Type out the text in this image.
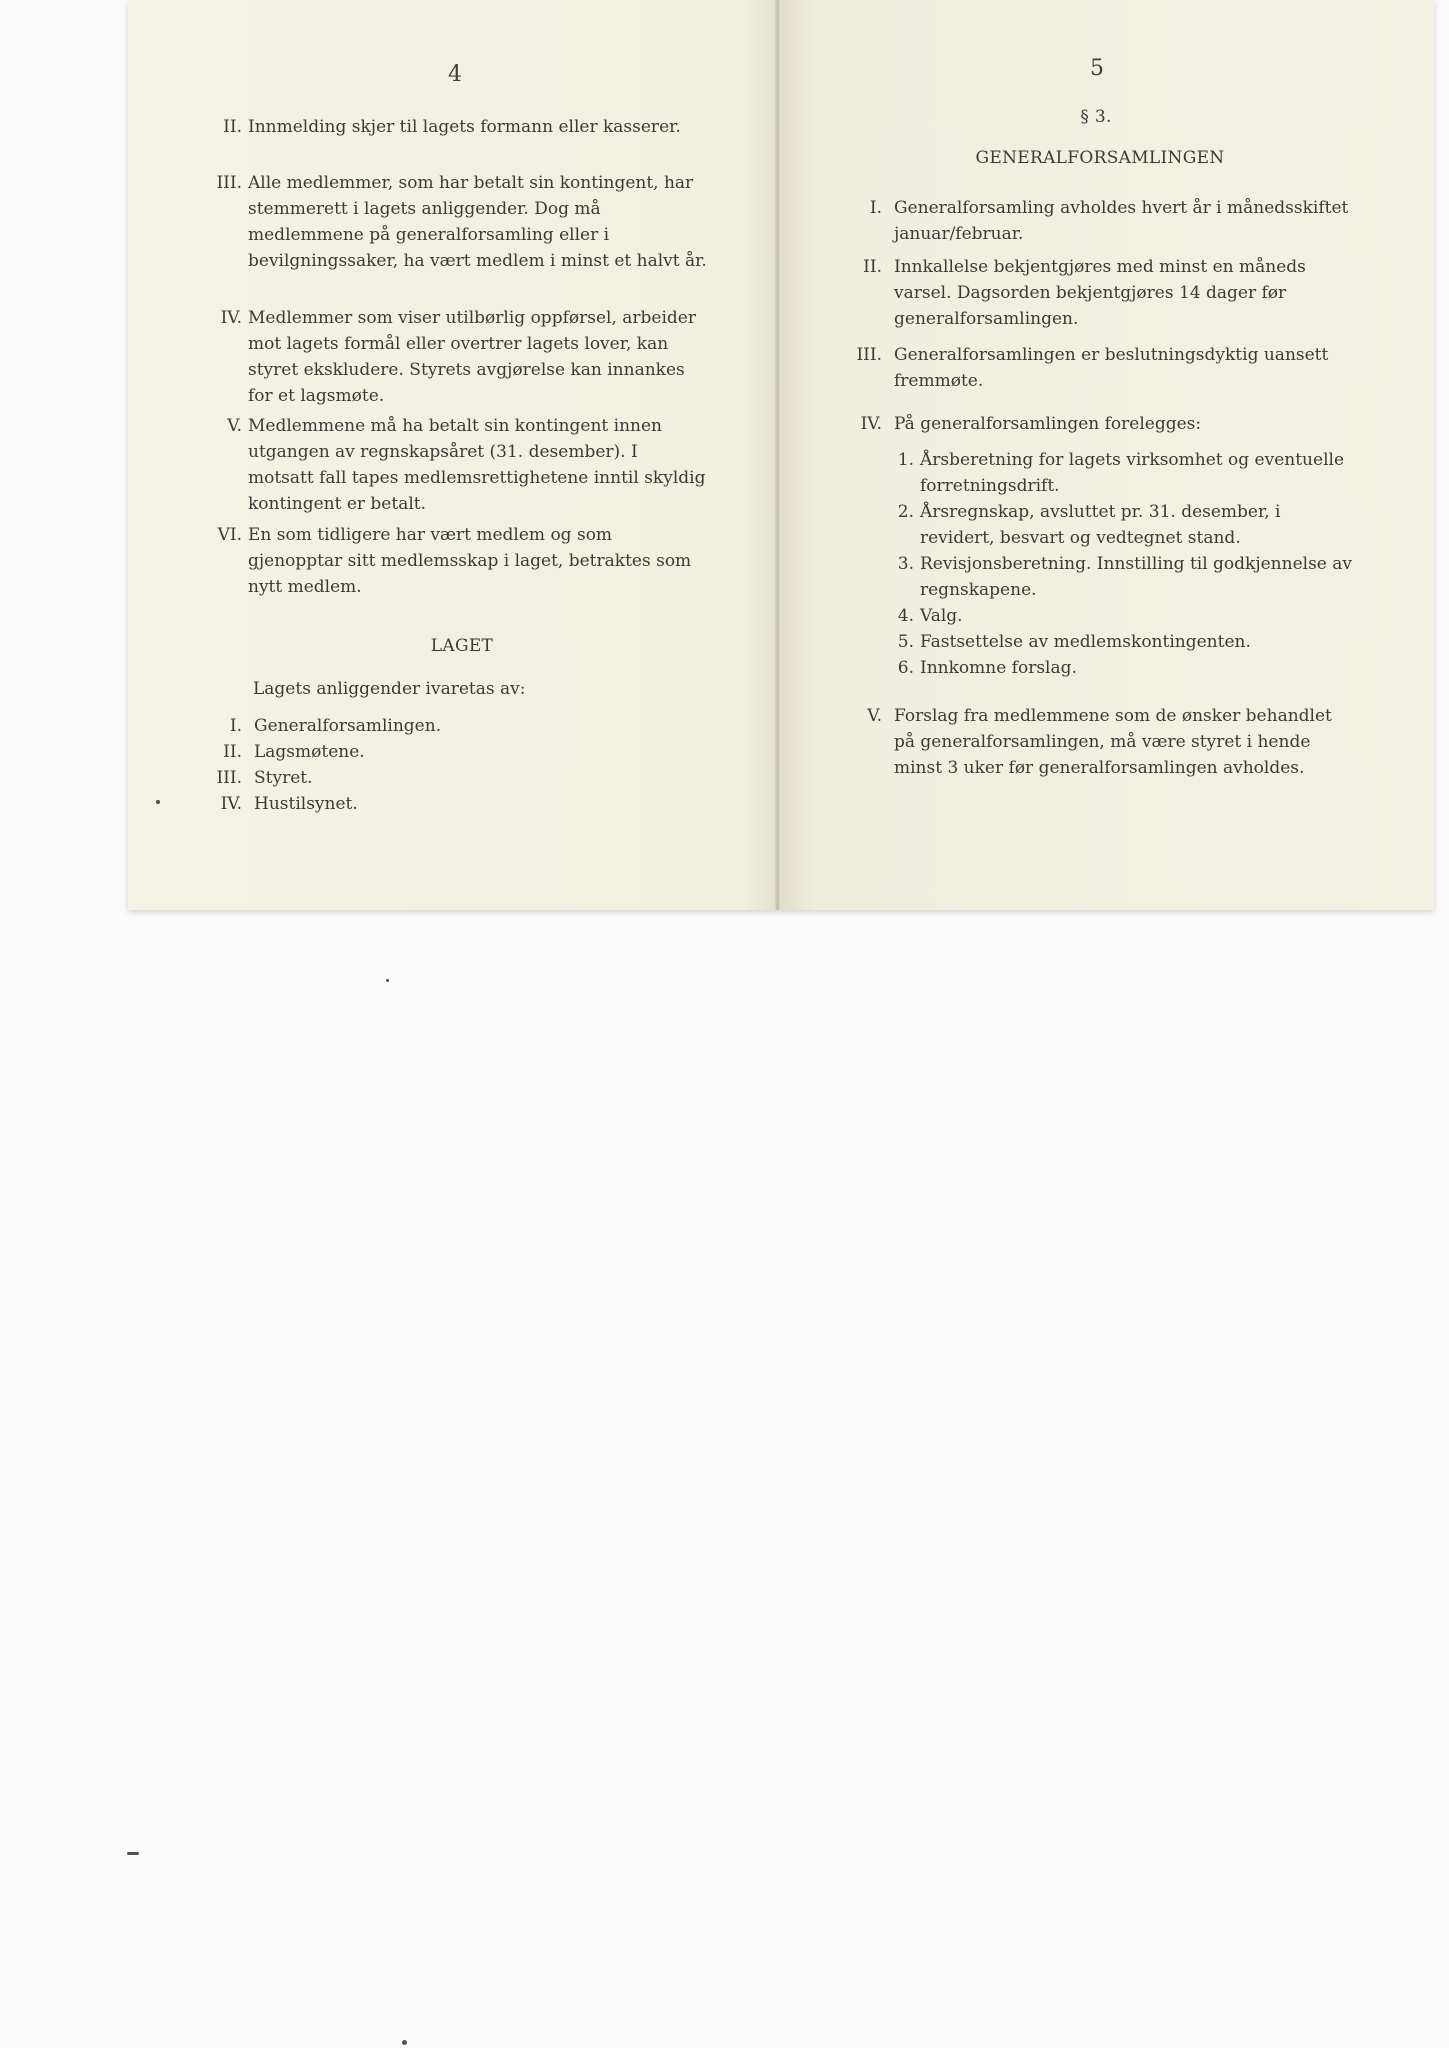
4
II. Innmelding skjer til lagets formann eller kasserer.
III. Alle medlemmer, som har betalt sin kontingent, har stemmerett i lagets anliggender. Dog må medlemmene på generalforsamling eller i bevilgningssaker, ha vært medlem i minst et halvt år.
IV. Medlemmer som viser utilbørlig oppførsel, arbeider mot lagets formål eller overtrer lagets lover, kan styret ekskludere. Styrets avgjørelse kan innankes for et lagsmøte.
V. Medlemmene må ha betalt sin kontingent innen utgangen av regnskapsåret (31. desember). I motsatt fall tapes medlemsrettighetene inntil skyldig kontingent er betalt.
VI. En som tidligere har vært medlem og som gjenopptar sitt medlemsskap i laget, betraktes som nytt medlem.
LAGET
Lagets anliggender ivaretas av:
I. Generalforsamlingen.
II. Lagsmøtene.
III. Styret.
IV. Hustilsynet.
5
§ 3.
GENERALFORSAMLINGEN
I. Generalforsamling avholdes hvert år i månedsskiftet januar/februar.
II. Innkallelse bekjentgjøres med minst en måneds varsel. Dagsorden bekjentgjøres 14 dager før generalforsamlingen.
III. Generalforsamlingen er beslutningsdyktig uansett fremmøte.
IV. På generalforsamlingen forelegges:
1. Årsberetning for lagets virksomhet og eventuelle forretningsdrift.
2. Årsregnskap, avsluttet pr. 31. desember, i revidert, besvart og vedtegnet stand.
3. Revisjonsberetning. Innstilling til godkjennelse av regnskapene.
4. Valg.
5. Fastsettelse av medlemskontingenten.
6. Innkomne forslag.
V. Forslag fra medlemmene som de ønsker behandlet på generalforsamlingen, må være styret i hende minst 3 uker før generalforsamlingen avholdes.
